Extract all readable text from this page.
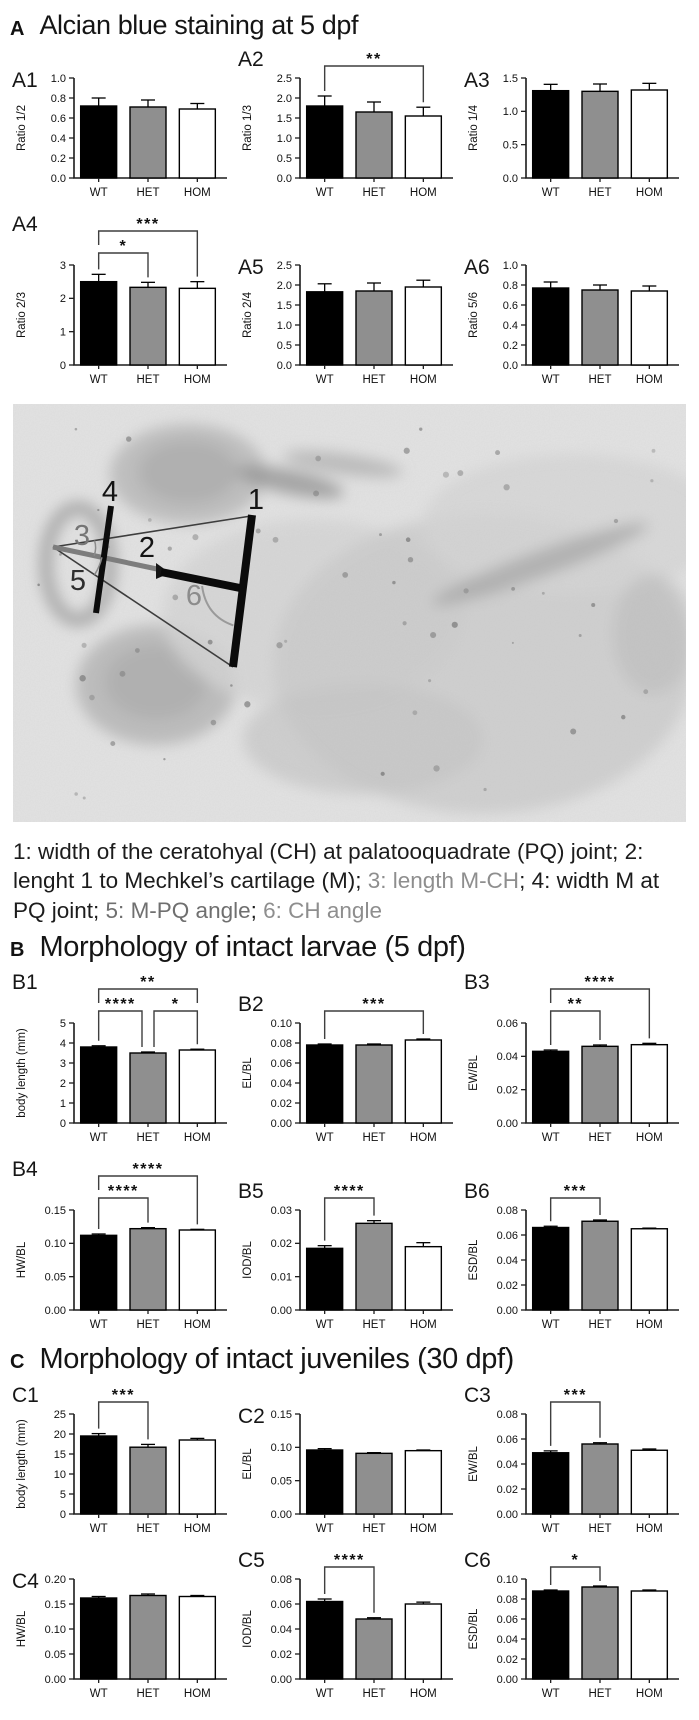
A Alcian blue staining at 5 dpf
A1
Ratio 1/2
0.0
0.2
0.4
0.6
0.8
1.0
WT	HET HOM
A2
Ratio 1/3
0.0
0.5
1.0
1.5
2.0
2.5
WT	HET HOM
**
A3
Ratio 1/4
0.0
0.5
1.0
1.5
WT	HET HOM
A4
Ratio 2/3
0
1
2
3
WT	HET HOM
*
***
A5
Ratio 2/4
0.0
0.5
1.0
1.5
2.0
2.5
WT	HET HOM
A6
Ratio 5/6
0.0
0.2
0.4
0.6
0.8
1.0
WT	HET HOM
1
2
3
4
5	6

1: width of the ceratohyal (CH) at palatooquadrate (PQ) joint; 2: lenght 1 to Mechkel’s cartilage (M); 3: length M-CH; 4: width M at PQ joint; 5: M-PQ angle; 6: CH angle

B Morphology of intact larvae (5 dpf)
B1
body length (mm)
0
1
2
3
4
5
WT	HET HOM
**** *
**
B2
EL/BL
0.00
0.02
0.04
0.06
0.08
0.10
WT	HET HOM
***
B3
EW/BL
0.00
0.02
0.04
0.06
WT	HET HOM
**
****
B4
HW/BL
0.00
0.05
0.10
0.15
WT	HET HOM
****
****
B5
IOD/BL
0.00
0.01
0.02
0.03
WT	HET HOM
****	B6
ESD/BL
0.00
0.02
0.04
0.06
0.08
WT	HET HOM
***
C Morphology of intact juveniles (30 dpf)
C1
body length (mm)
0
5
10
15
20
25
WT	HET HOM
***
C2
EL/BL
0.00
0.05
0.10
0.15
WT	HET HOM
C3
EW/BL
0.00
0.02
0.04
0.06
0.08
WT	HET HOM
***
C4
HW/BL
0.00
0.05
0.10
0.15
0.20
WT	HET HOM
C5
IOD/BL
0.00
0.02
0.04
0.06
0.08
WT	HET HOM
****	C6
ESD/BL
0.00
0.02
0.04
0.06
0.08
0.10
WT	HET HOM
*
